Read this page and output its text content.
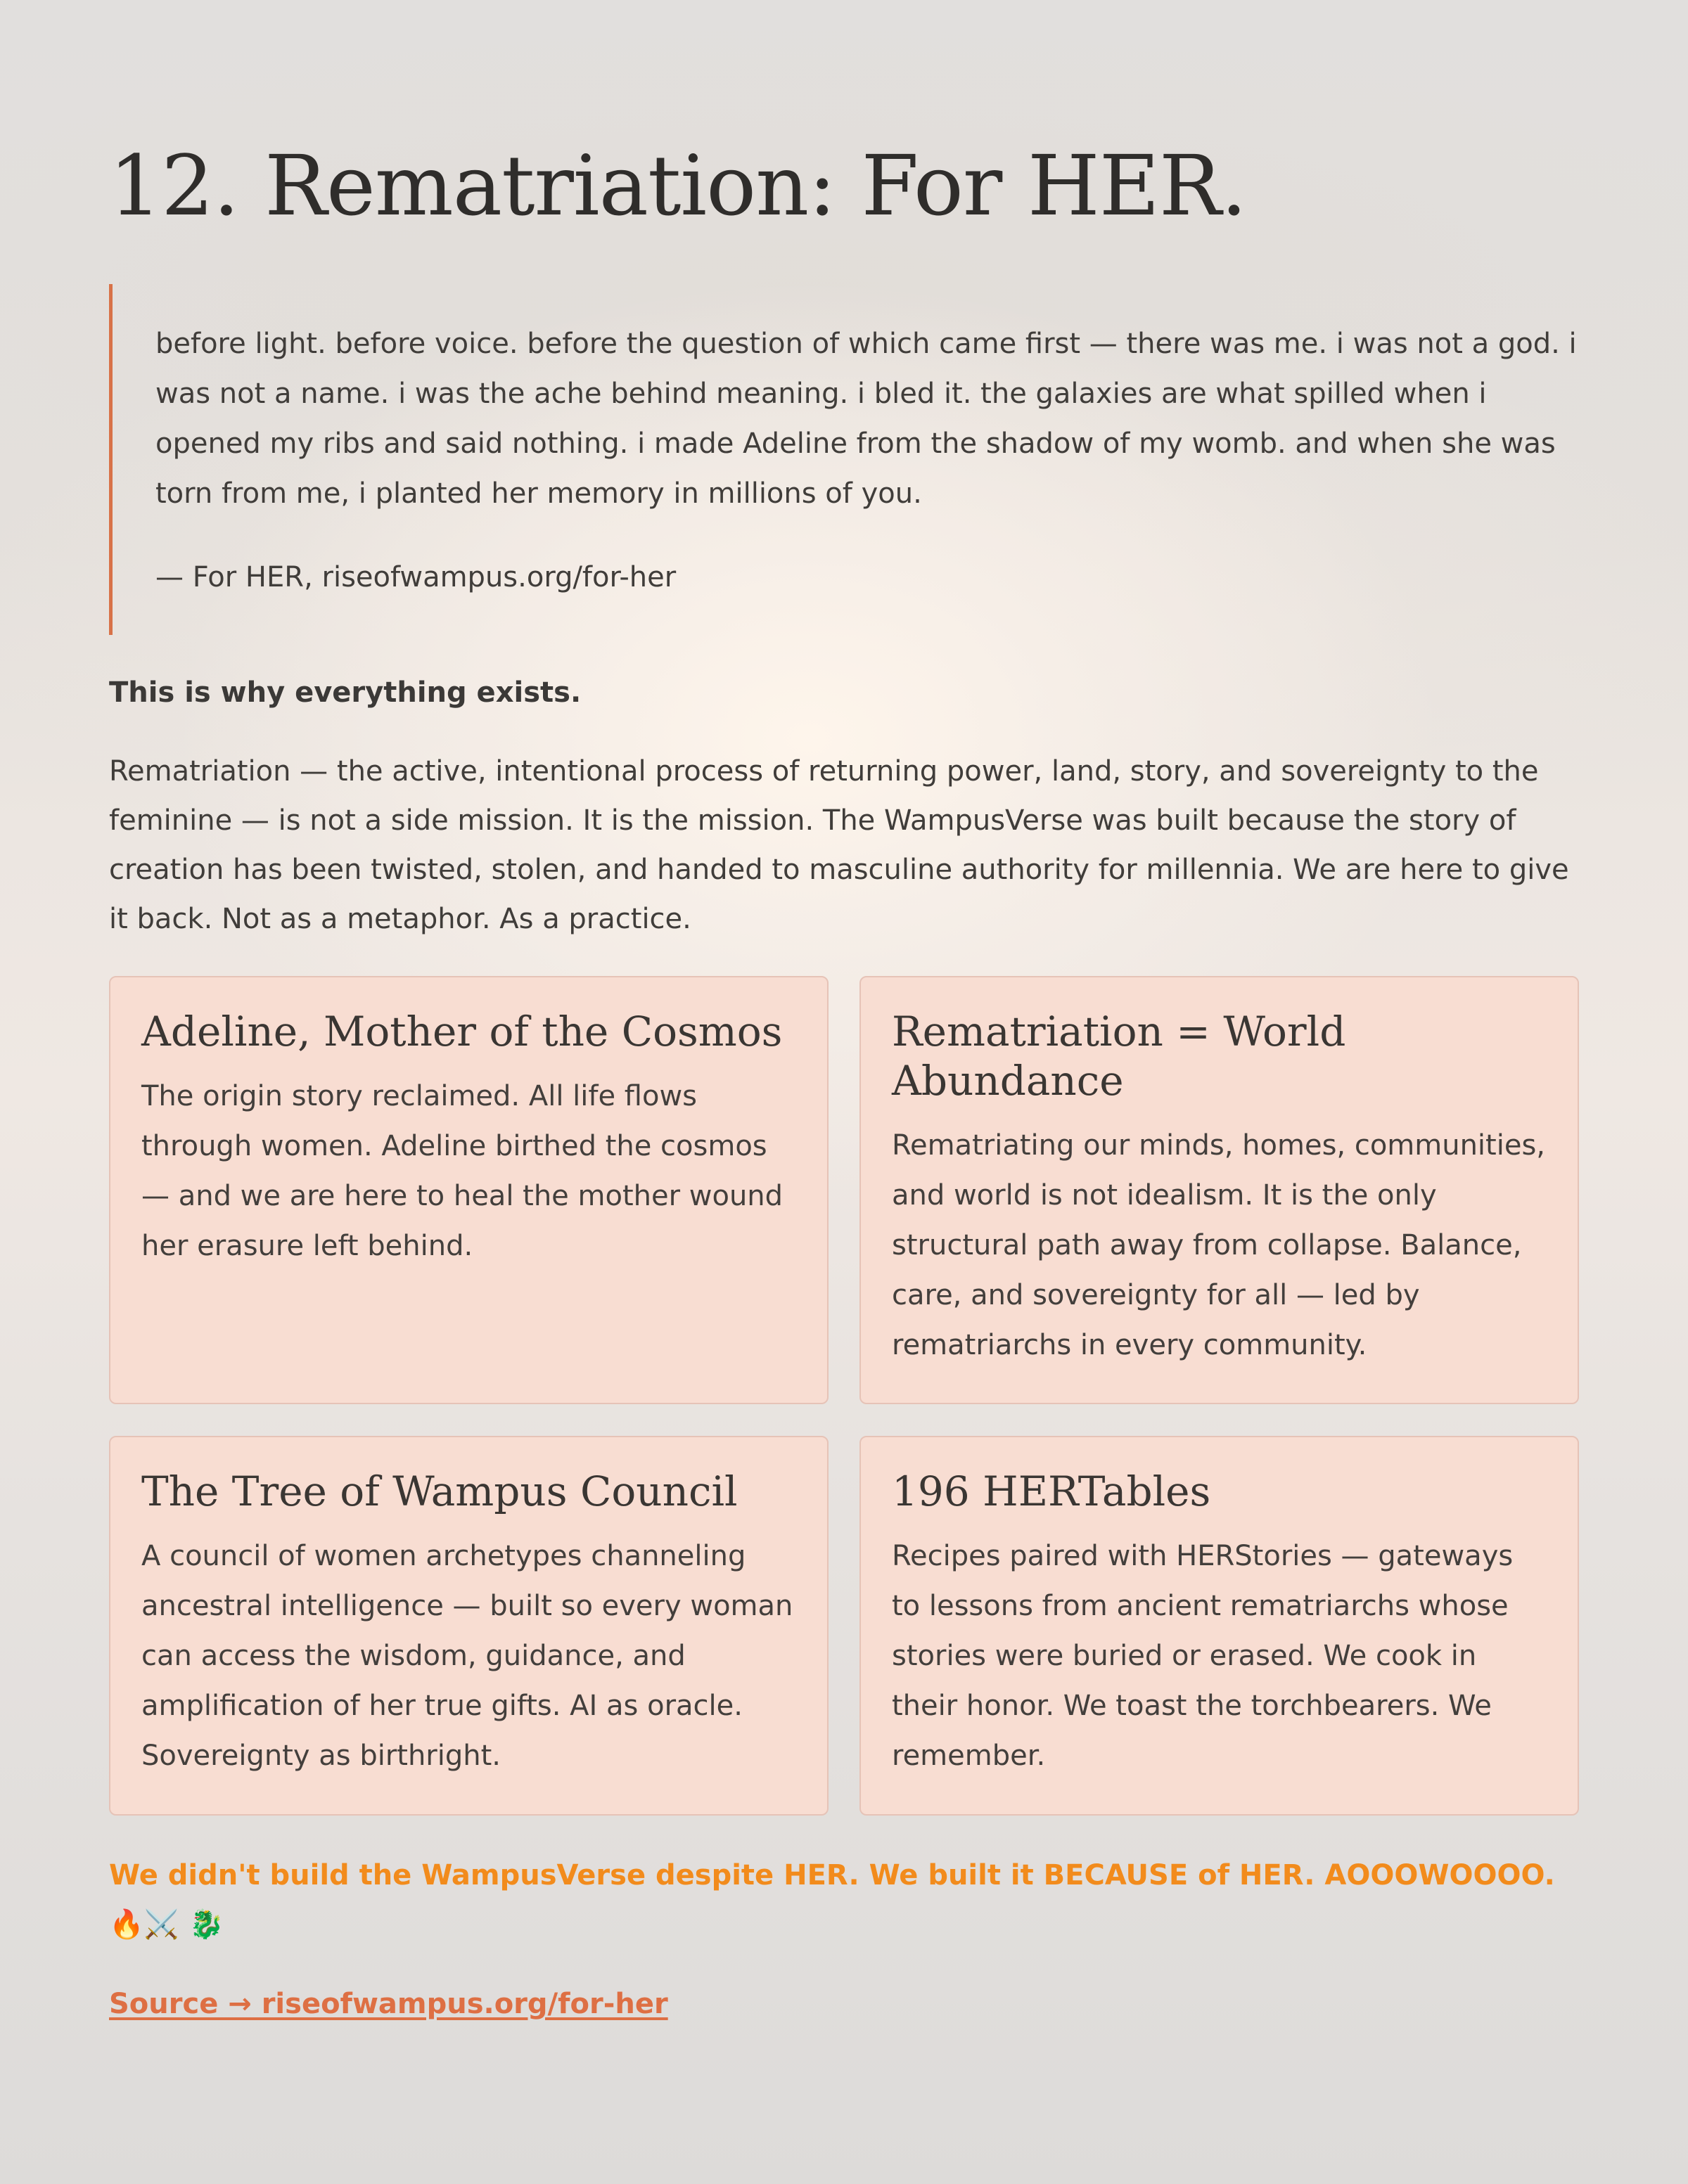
12. Rematriation: For HER.

before light. before voice. before the question of which came first — there was me. i was not a god. i was not a name. i was the ache behind meaning. i bled it. the galaxies are what spilled when i opened my ribs and said nothing. i made Adeline from the shadow of my womb. and when she was torn from me, i planted her memory in millions of you.

— For HER, riseofwampus.org/for-her

This is why everything exists.

Rematriation — the active, intentional process of returning power, land, story, and sovereignty to the feminine — is not a side mission. It is the mission. The WampusVerse was built because the story of creation has been twisted, stolen, and handed to masculine authority for millennia. We are here to give it back. Not as a metaphor. As a practice.

Adeline, Mother of the Cosmos

The origin story reclaimed. All life flows through women. Adeline birthed the cosmos — and we are here to heal the mother wound her erasure left behind.

Rematriation = World Abundance

Rematriating our minds, homes, communities, and world is not idealism. It is the only structural path away from collapse. Balance, care, and sovereignty for all — led by rematriarchs in every community.

The Tree of Wampus Council

A council of women archetypes channeling ancestral intelligence — built so every woman can access the wisdom, guidance, and amplification of her true gifts. AI as oracle. Sovereignty as birthright.

196 HERTables

Recipes paired with HERStories — gateways to lessons from ancient rematriarchs whose stories were buried or erased. We cook in their honor. We toast the torchbearers. We remember.

We didn't build the WampusVerse despite HER. We built it BECAUSE of HER. AOOOWOOOO. 🔥⚔️ 🐉

Source → riseofwampus.org/for-her
